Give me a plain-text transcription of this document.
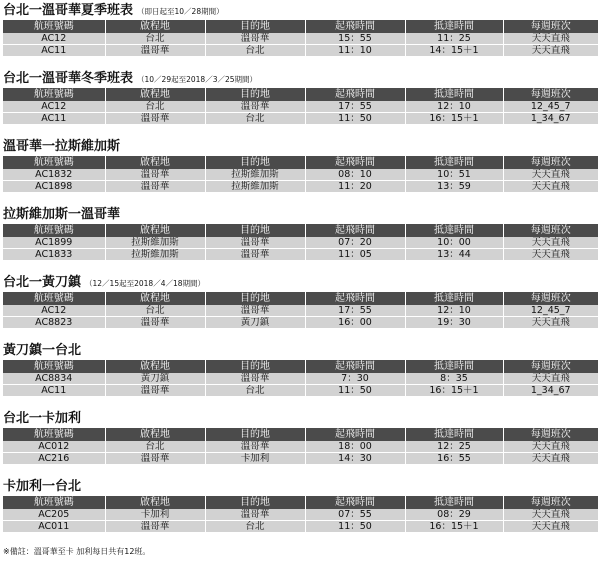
台北一溫哥華夏季班表 （即日起至10／28期間）
航班號碼	啟程地	目的地	起飛時間	抵達時間	每週班次
AC12	台北	溫哥華	15：55	11：25	天天直飛
AC11	溫哥華	台北	11：10	14：15＋1	天天直飛
台北一溫哥華冬季班表 （10／29起至2018／3／25期間）
航班號碼	啟程地	目的地	起飛時間	抵達時間	每週班次
AC12	台北	溫哥華	17：55	12：10	12_45_7
AC11	溫哥華	台北	11：50	16：15＋1	1_34_67
溫哥華一拉斯維加斯
航班號碼	啟程地	目的地	起飛時間	抵達時間	每週班次
AC1832	溫哥華	拉斯維加斯	08：10	10：51	天天直飛
AC1898	溫哥華	拉斯維加斯	11：20	13：59	天天直飛
拉斯維加斯一溫哥華
航班號碼	啟程地	目的地	起飛時間	抵達時間	每週班次
AC1899	拉斯維加斯	溫哥華	07：20	10：00	天天直飛
AC1833	拉斯維加斯	溫哥華	11：05	13：44	天天直飛
台北一黃刀鎮 （12／15起至2018／4／18期間）
航班號碼	啟程地	目的地	起飛時間	抵達時間	每週班次
AC12	台北	溫哥華	17：55	12：10	12_45_7
AC8823	溫哥華	黃刀鎮	16：00	19：30	天天直飛
黃刀鎮一台北
航班號碼	啟程地	目的地	起飛時間	抵達時間	每週班次
AC8834	黃刀鎮	溫哥華	7：30	8：35	天天直飛
AC11	溫哥華	台北	11：50	16：15＋1	1_34_67
台北一卡加利
航班號碼	啟程地	目的地	起飛時間	抵達時間	每週班次
AC012	台北	溫哥華	18：00	12：25	天天直飛
AC216	溫哥華	卡加利	14：30	16：55	天天直飛
卡加利一台北
航班號碼	啟程地	目的地	起飛時間	抵達時間	每週班次
AC205	卡加利	溫哥華	07：55	08：29	天天直飛
AC011	溫哥華	台北	11：50	16：15＋1	天天直飛
※備註：溫哥華至卡 加利每日共有12班。
